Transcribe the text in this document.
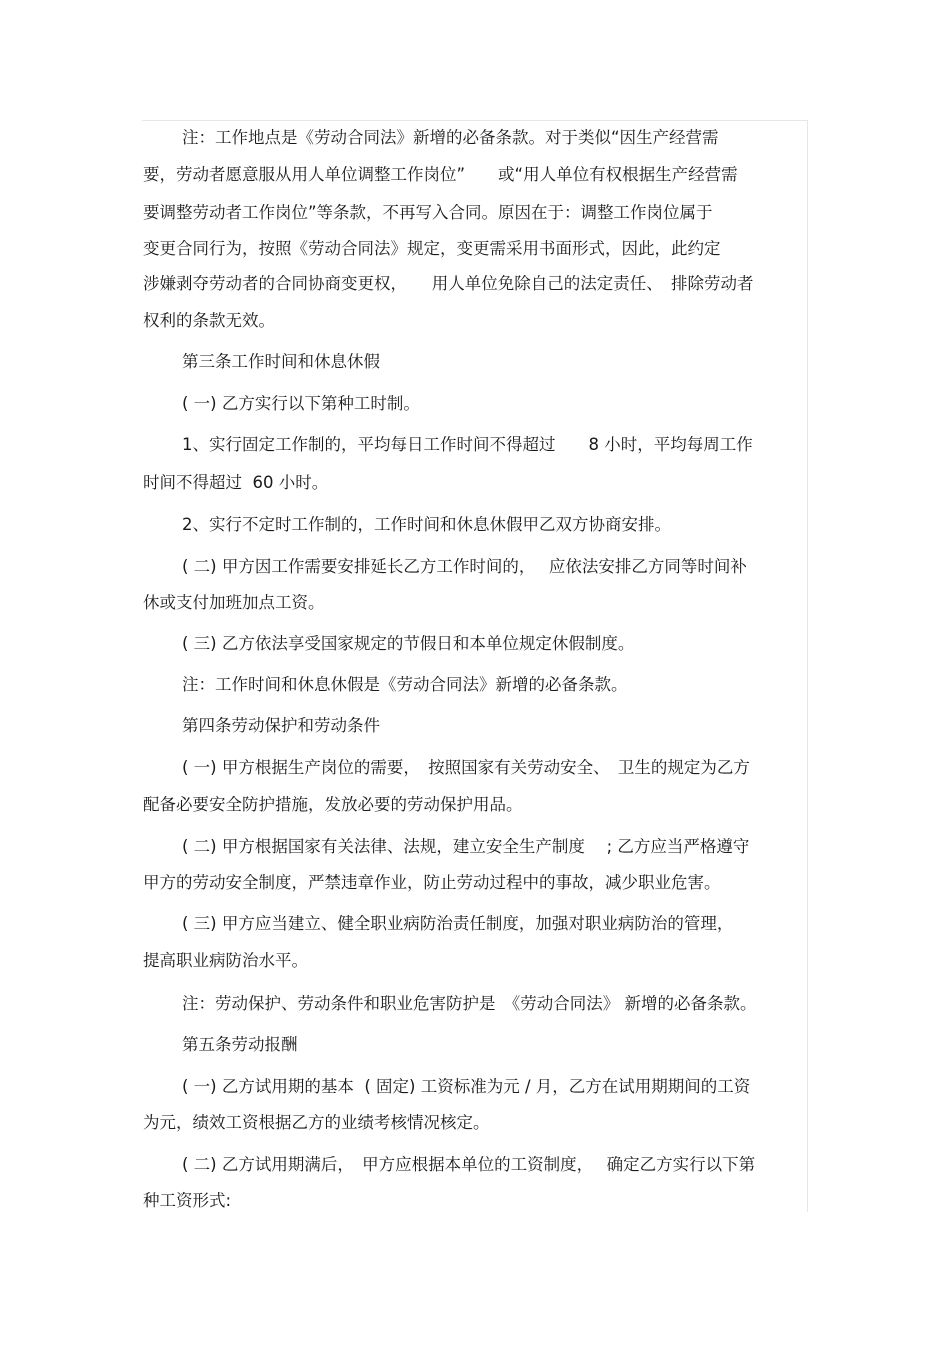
注：工作地点是《劳动合同法》新增的必备条款。对于类似“因生产经营需
要，劳动者愿意服从用人单位调整工作岗位”　　或“用人单位有权根据生产经营需
要调整劳动者工作岗位”等条款，不再写入合同。原因在于：调整工作岗位属于
变更合同行为，按照《劳动合同法》规定，变更需采用书面形式，因此，此约定
涉嫌剥夺劳动者的合同协商变更权，　　用人单位免除自己的法定责任、　排除劳动者
权利的条款无效。
第三条工作时间和休息休假
( 一) 乙方实行以下第种工时制。
1、实行固定工作制的，平均每日工作时间不得超过　　8 小时，平均每周工作
时间不得超过  60 小时。
2、实行不定时工作制的，工作时间和休息休假甲乙双方协商安排。
( 二) 甲方因工作需要安排延长乙方工作时间的，　 应依法安排乙方同等时间补
休或支付加班加点工资。
( 三) 乙方依法享受国家规定的节假日和本单位规定休假制度。
注：工作时间和休息休假是《劳动合同法》新增的必备条款。
第四条劳动保护和劳动条件
( 一) 甲方根据生产岗位的需要，　按照国家有关劳动安全、　卫生的规定为乙方
配备必要安全防护措施，发放必要的劳动保护用品。
( 二) 甲方根据国家有关法律、法规，建立安全生产制度　 ; 乙方应当严格遵守
甲方的劳动安全制度，严禁违章作业，防止劳动过程中的事故，减少职业危害。
( 三) 甲方应当建立、健全职业病防治责任制度，加强对职业病防治的管理，
提高职业病防治水平。
注：劳动保护、劳动条件和职业危害防护是　《劳动合同法》 新增的必备条款。
第五条劳动报酬
( 一) 乙方试用期的基本  ( 固定) 工资标准为元 / 月，乙方在试用期期间的工资
为元，绩效工资根据乙方的业绩考核情况核定。
( 二) 乙方试用期满后，　甲方应根据本单位的工资制度，　 确定乙方实行以下第
种工资形式:
